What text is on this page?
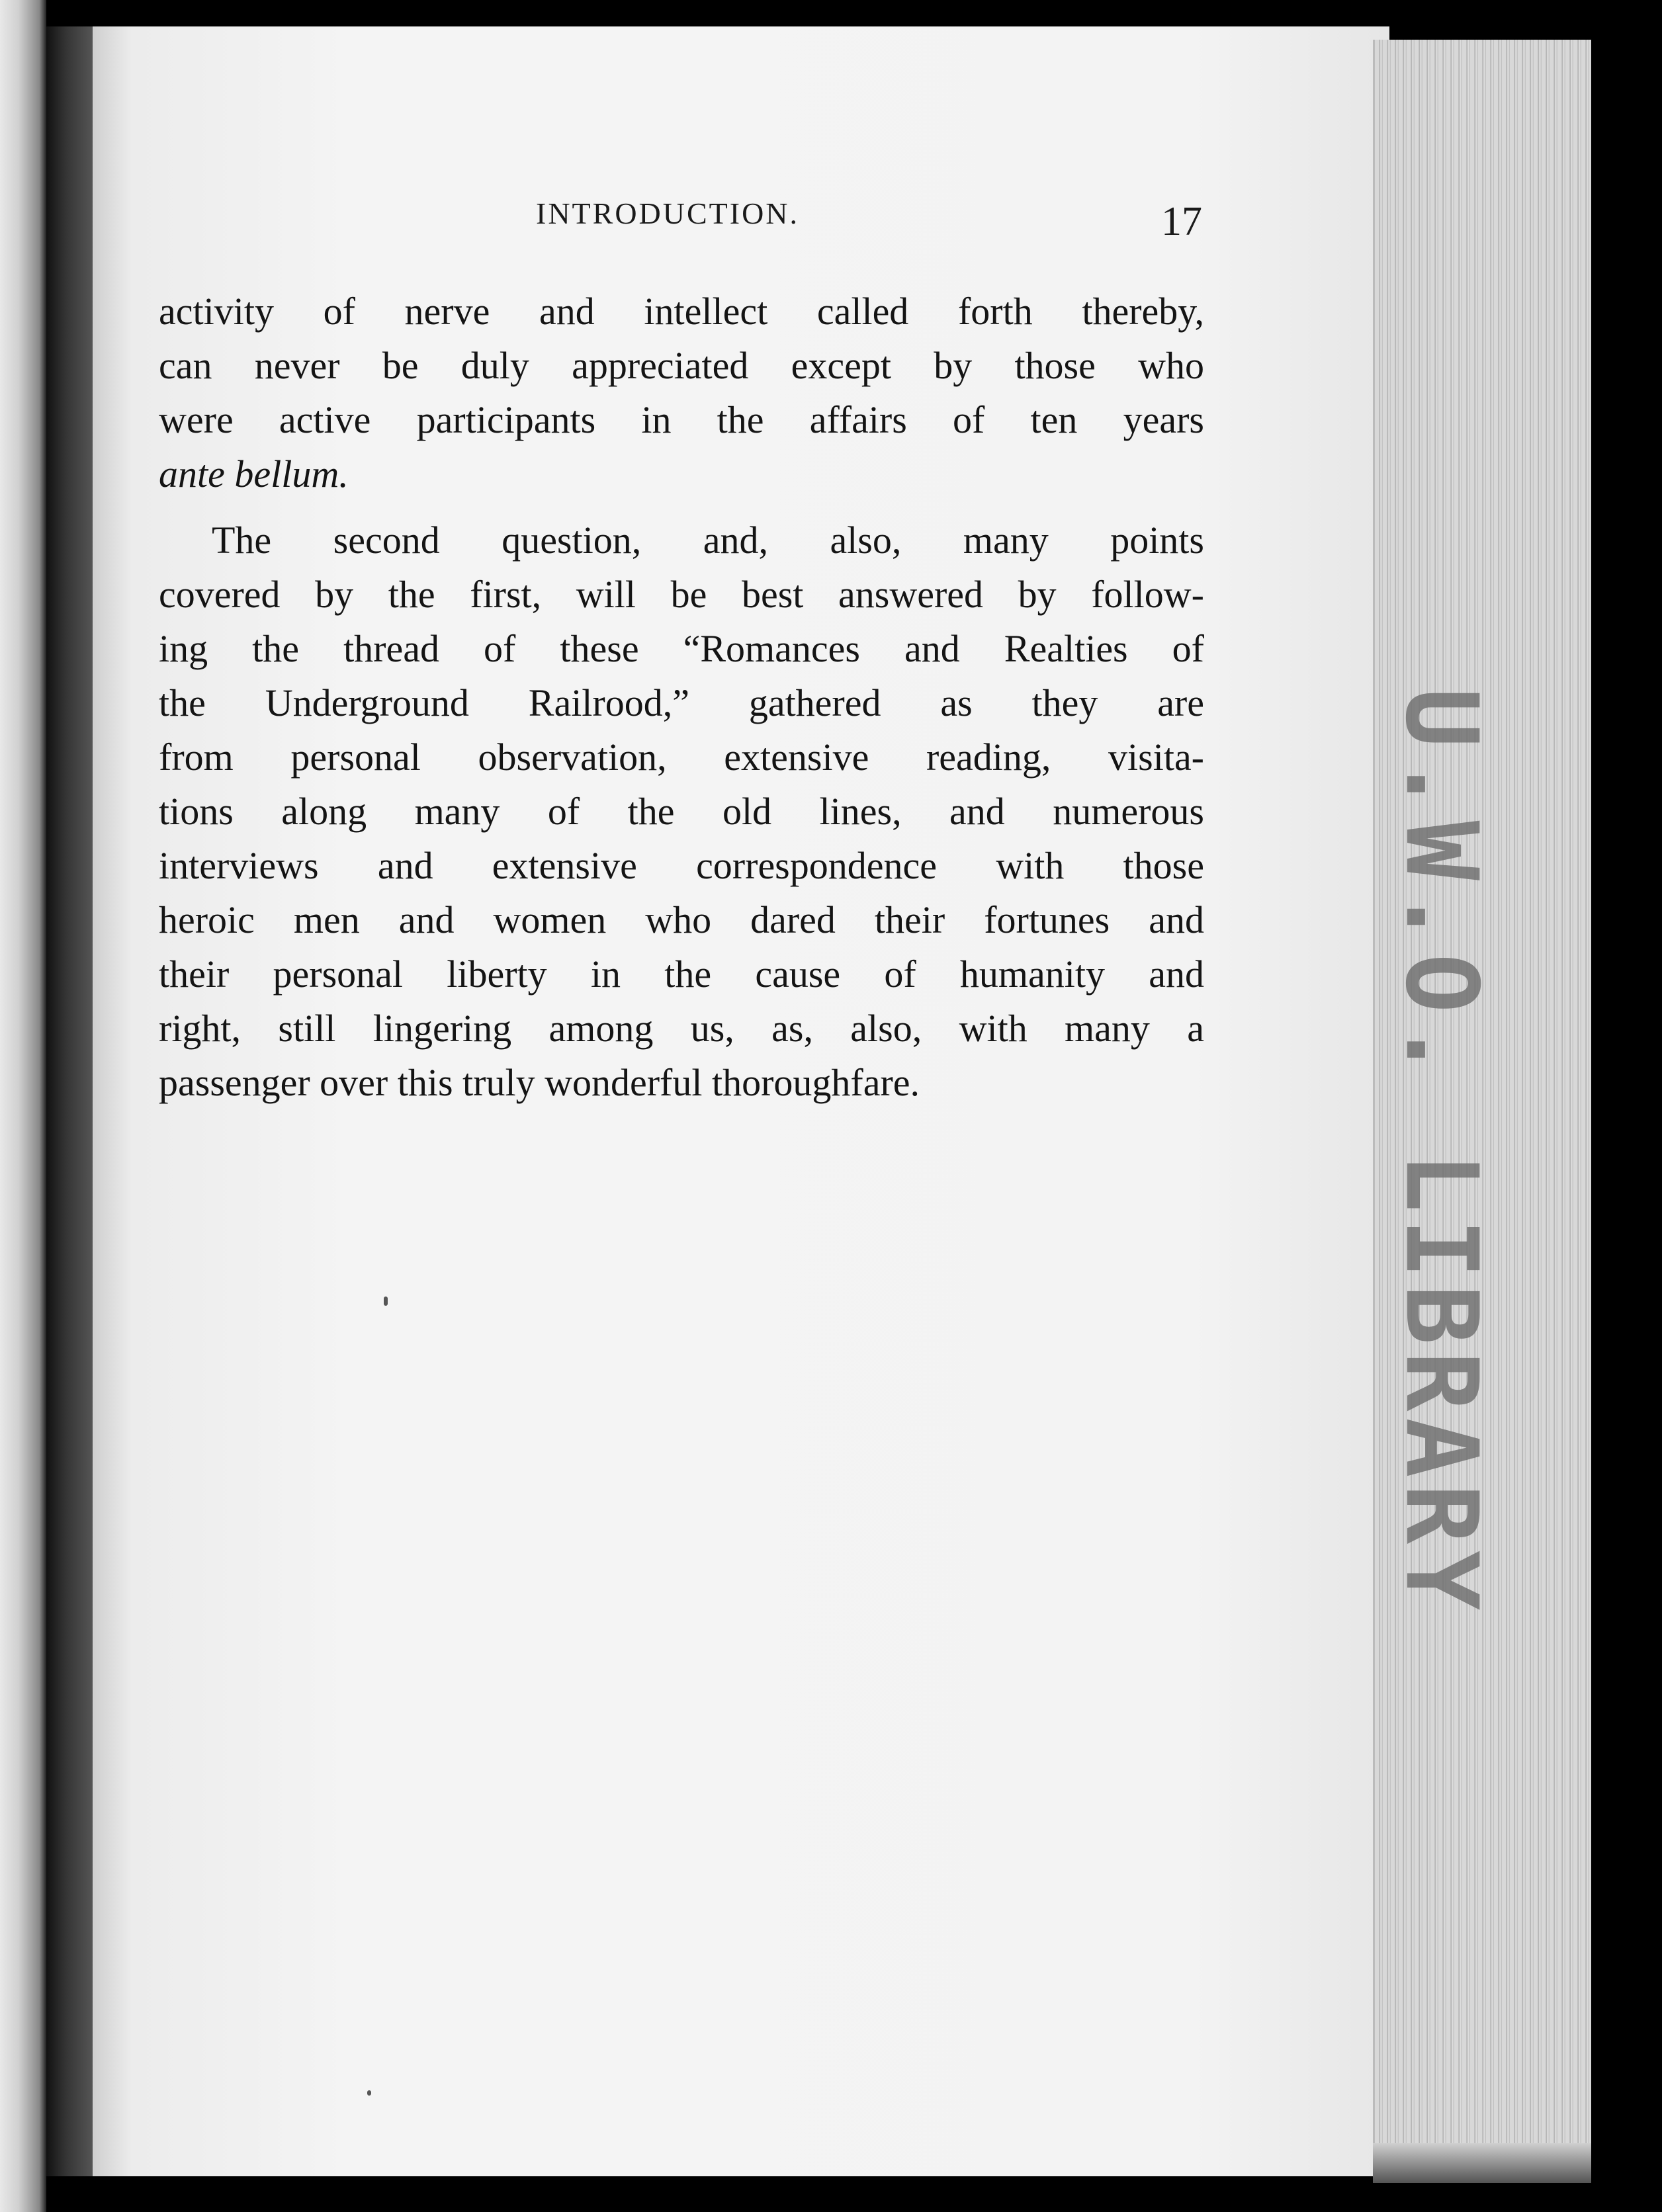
INTRODUCTION.	17
activity of nerve and intellect called forth thereby,
can never be duly appreciated except by those who
were active participants in the affairs of ten years
ante bellum.
The second question, and, also, many points
covered by the first, will be best answered by follow-
ing the thread of these “Romances and Realties of
the Underground Railrood,” gathered as they are
from personal observation, extensive reading, visita-
tions along many of the old lines, and numerous
interviews and extensive correspondence with those
heroic men and women who dared their fortunes and
their personal liberty in the cause of humanity and
right, still lingering among us, as, also, with many a
passenger over this truly wonderful thoroughfare.	U.W.O. LIBRARY
